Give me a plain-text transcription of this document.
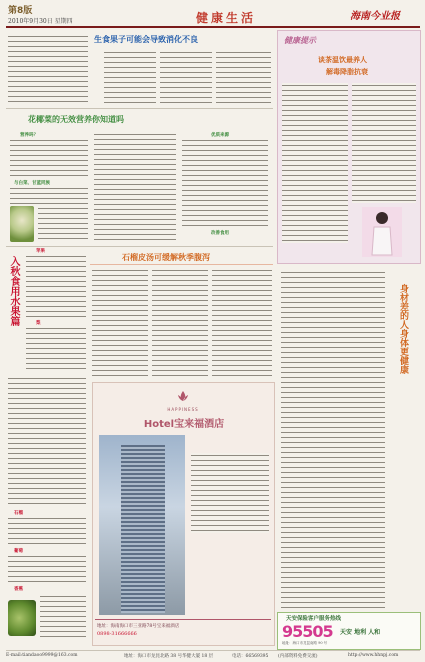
第8版
2010年9月30日 星期四	健康生活	海南今业报
生食果子可能会导致消化不良
花椰菜的无效营养你知道吗
营养吗？
与白菜、甘蓝同族
优质来源
改善食用
入秋食用水果篇
苹果
梨
石榴
葡萄
香蕉
石榴皮汤可缓解秋季腹泻
HAPPINESS
Hotel宝来福酒店
地址：海南海口市三亚路78号宝来福酒店
0898-31666666
健康提示
谈茶温饮最养人
解毒降脂抗衰
身材差的人身体更健康
天安保险客户服务热线
95505 天安 地利 人和
地址：海口市龙昆南路 90 号
E-mail:tiandaoo9999@163.com	地址：海口市龙昆北路 38 号华健大厦 18 层	电话：66569395 (内部资料免费交流)	http://www.hhnpj.com
